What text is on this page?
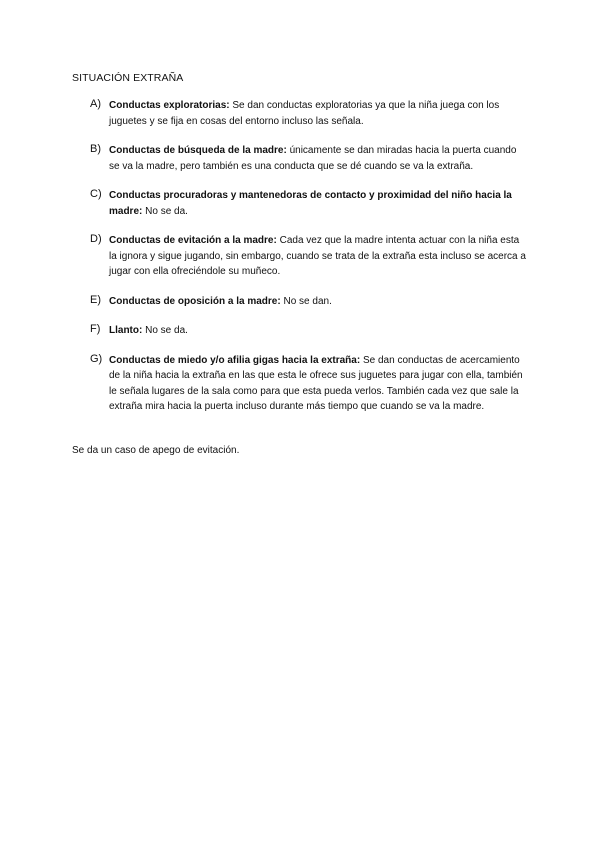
SITUACIÓN EXTRAÑA
A) Conductas exploratorias: Se dan conductas exploratorias ya que la niña juega con los juguetes y se fija en cosas del entorno incluso las señala.
B) Conductas de búsqueda de la madre: únicamente se dan miradas hacia la puerta cuando se va la madre, pero también es una conducta que se dé cuando se va la extraña.
C) Conductas procuradoras y mantenedoras de contacto y proximidad del niño hacia la madre: No se da.
D) Conductas de evitación a la madre: Cada vez que la madre intenta actuar con la niña esta la ignora y sigue jugando, sin embargo, cuando se trata de la extraña esta incluso se acerca a jugar con ella ofreciéndole su muñeco.
E) Conductas de oposición a la madre: No se dan.
F) Llanto: No se da.
G) Conductas de miedo y/o afilia gigas hacia la extraña: Se dan conductas de acercamiento de la niña hacia la extraña en las que esta le ofrece sus juguetes para jugar con ella, también le señala lugares de la sala como para que esta pueda verlos. También cada vez que sale la extraña mira hacia la puerta incluso durante más tiempo que cuando se va la madre.
Se da un caso de apego de evitación.
